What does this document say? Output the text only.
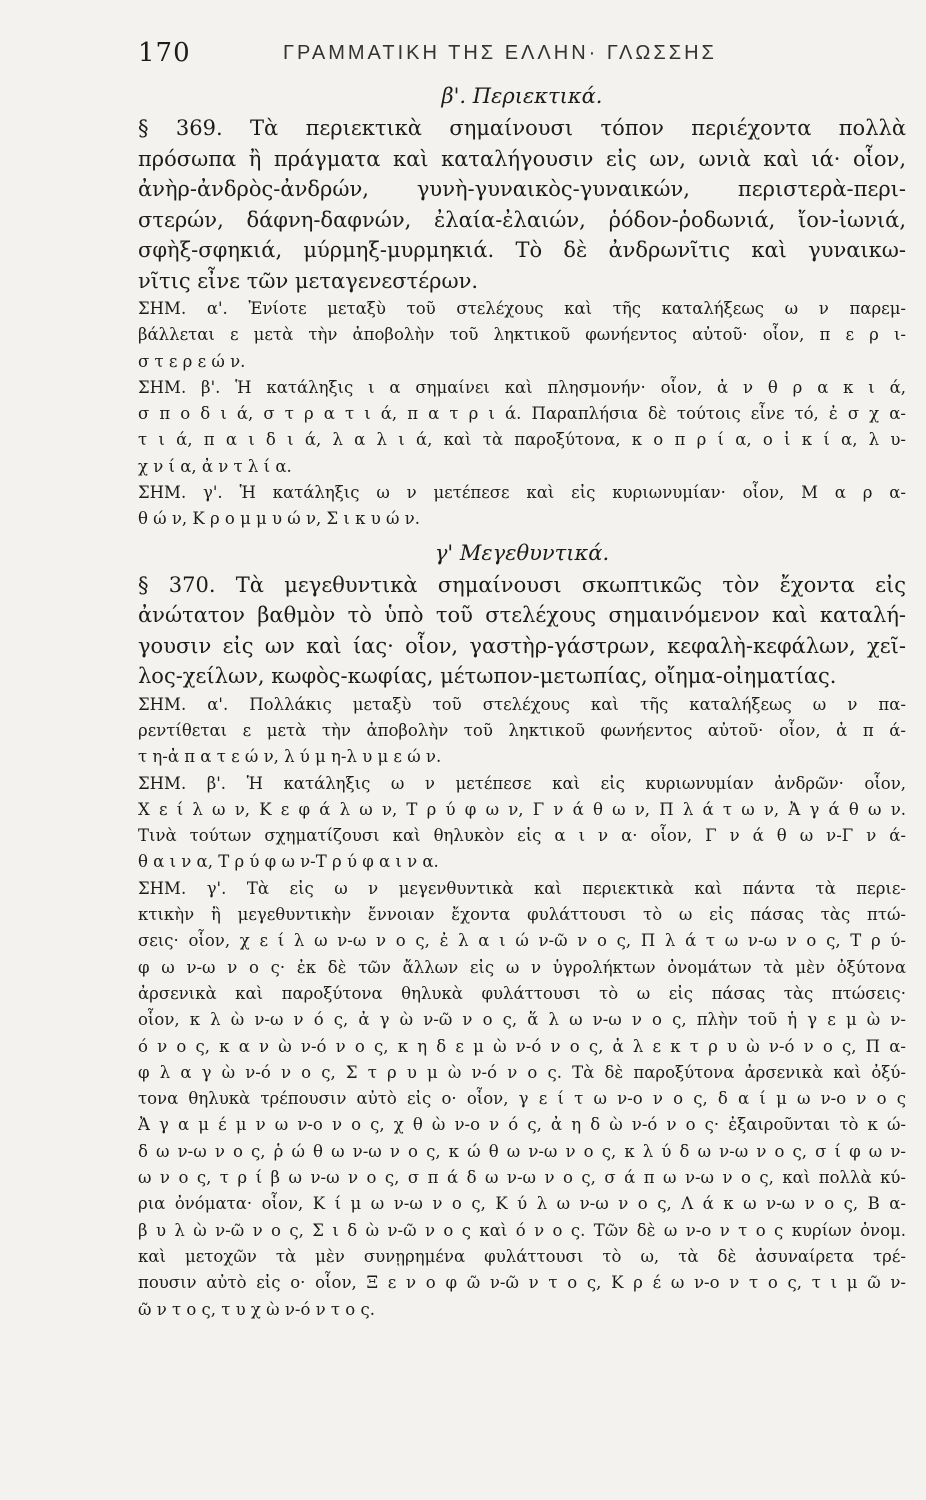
170	ΓΡΑΜΜΑΤΙΚΗ ΤΗΣ ΕΛΛΗΝ· ΓΛΩΣΣΗΣ
β'. Περιεκτικά.
§ 369. Τὰ περιεκτικὰ σημαίνουσι τόπον περιέχοντα πολλὰ
πρόσωπα ἢ πράγματα καὶ καταλήγουσιν εἰς ων, ωνιὰ καὶ ιά· οἷον,
ἀνὴρ-ἀνδρὸς-ἀνδρών, γυνὴ-γυναικὸς-γυναικών, περιστερὰ-περι-
στερών, δάφνη-δαφνών, ἐλαία-ἐλαιών, ῥόδον-ῥοδωνιά, ἴον-ἰωνιά,
σφὴξ-σφηκιά, μύρμηξ-μυρμηκιά. Τὸ δὲ ἀνδρωνῖτις καὶ γυναικω-
νῖτις εἶνε τῶν μεταγενεστέρων.
ΣΗΜ. α'. Ἐνίοτε μεταξὺ τοῦ στελέχους καὶ τῆς καταλήξεως ω ν παρεμ-
βάλλεται ε μετὰ τὴν ἀποβολὴν τοῦ ληκτικοῦ φωνήεντος αὐτοῦ· οἷον, π ε ρ ι-
σ τ ε ρ ε ώ ν.
ΣΗΜ. β'. Ἡ κατάληξις ι α σημαίνει καὶ πλησμονήν· οἷον, ἀ ν θ ρ α κ ι ά,
σ π ο δ ι ά, σ τ ρ α τ ι ά, π α τ ρ ι ά. Παραπλήσια δὲ τούτοις εἶνε τό, ἐ σ χ α-
τ ι ά, π α ι δ ι ά, λ α λ ι ά, καὶ τὰ παροξύτονα, κ ο π ρ ί α, ο ἰ κ ί α, λ υ-
χ ν ί α, ἀ ν τ λ ί α.
ΣΗΜ. γ'. Ἡ κατάληξις ω ν μετέπεσε καὶ εἰς κυριωνυμίαν· οἷον, Μ α ρ α-
θ ώ ν, Κ ρ ο μ μ υ ώ ν, Σ ι κ υ ώ ν.
γ' Μεγεθυντικά.
§ 370. Τὰ μεγεθυντικὰ σημαίνουσι σκωπτικῶς τὸν ἔχοντα εἰς
ἀνώτατον βαθμὸν τὸ ὑπὸ τοῦ στελέχους σημαινόμενον καὶ καταλή-
γουσιν εἰς ων καὶ ίας· οἷον, γαστὴρ-γάστρων, κεφαλὴ-κεφάλων, χεῖ-
λος-χείλων, κωφὸς-κωφίας, μέτωπον-μετωπίας, οἴημα-οἰηματίας.
ΣΗΜ. α'. Πολλάκις μεταξὺ τοῦ στελέχους καὶ τῆς καταλήξεως ω ν πα-
ρεντίθεται ε μετὰ τὴν ἀποβολὴν τοῦ ληκτικοῦ φωνήεντος αὐτοῦ· οἷον, ἀ π ά-
τ η-ἀ π α τ ε ώ ν, λ ύ μ η-λ υ μ ε ώ ν.
ΣΗΜ. β'. Ἡ κατάληξις ω ν μετέπεσε καὶ εἰς κυριωνυμίαν ἀνδρῶν· οἷον,
Χ ε ί λ ω ν, Κ ε φ ά λ ω ν, Τ ρ ύ φ ω ν, Γ ν ά θ ω ν, Π λ ά τ ω ν, Ἀ γ ά θ ω ν.
Τινὰ τούτων σχηματίζουσι καὶ θηλυκὸν εἰς α ι ν α· οἷον, Γ ν ά θ ω ν-Γ ν ά-
θ α ι ν α, Τ ρ ύ φ ω ν-Τ ρ ύ φ α ι ν α.
ΣΗΜ. γ'. Τὰ εἰς ω ν μεγενθυντικὰ καὶ περιεκτικὰ καὶ πάντα τὰ περιε-
κτικὴν ἢ μεγεθυντικὴν ἔννοιαν ἔχοντα φυλάττουσι τὸ ω εἰς πάσας τὰς πτώ-
σεις· οἷον, χ ε ί λ ω ν-ω ν ο ς, ἐ λ α ι ώ ν-ῶ ν ο ς, Π λ ά τ ω ν-ω ν ο ς, Τ ρ ύ-
φ ω ν-ω ν ο ς· ἐκ δὲ τῶν ἄλλων εἰς ω ν ὑγρολήκτων ὀνομάτων τὰ μὲν ὀξύτονα
ἀρσενικὰ καὶ παροξύτονα θηλυκὰ φυλάττουσι τὸ ω εἰς πάσας τὰς πτώσεις·
οἷον, κ λ ὼ ν-ω ν ό ς, ἀ γ ὼ ν-ῶ ν ο ς, ἅ λ ω ν-ω ν ο ς, πλὴν τοῦ ἡ γ ε μ ὼ ν-
ό ν ο ς, κ α ν ὼ ν-ό ν ο ς, κ η δ ε μ ὼ ν-ό ν ο ς, ἀ λ ε κ τ ρ υ ὼ ν-ό ν ο ς, Π α-
φ λ α γ ὼ ν-ό ν ο ς, Σ τ ρ υ μ ὼ ν-ό ν ο ς. Τὰ δὲ παροξύτονα ἀρσενικὰ καὶ ὀξύ-
τονα θηλυκὰ τρέπουσιν αὐτὸ εἰς ο· οἷον, γ ε ί τ ω ν-ο ν ο ς, δ α ί μ ω ν-ο ν ο ς
Ἀ γ α μ έ μ ν ω ν-ο ν ο ς, χ θ ὼ ν-ο ν ό ς, ἀ η δ ὼ ν-ό ν ο ς· ἐξαιροῦνται τὸ κ ώ-
δ ω ν-ω ν ο ς, ῥ ώ θ ω ν-ω ν ο ς, κ ώ θ ω ν-ω ν ο ς, κ λ ύ δ ω ν-ω ν ο ς, σ ί φ ω ν-
ω ν ο ς, τ ρ ί β ω ν-ω ν ο ς, σ π ά δ ω ν-ω ν ο ς, σ ά π ω ν-ω ν ο ς, καὶ πολλὰ κύ-
ρια ὀνόματα· οἷον, Κ ί μ ω ν-ω ν ο ς, Κ ύ λ ω ν-ω ν ο ς, Λ ά κ ω ν-ω ν ο ς, Β α-
β υ λ ὼ ν-ῶ ν ο ς, Σ ι δ ὼ ν-ῶ ν ο ς καὶ ό ν ο ς. Τῶν δὲ ω ν-ο ν τ ο ς κυρίων ὀνομ.
καὶ μετοχῶν τὰ μὲν συνῃρημένα φυλάττουσι τὸ ω, τὰ δὲ ἀσυναίρετα τρέ-
πουσιν αὐτὸ εἰς ο· οἷον, Ξ ε ν ο φ ῶ ν-ῶ ν τ ο ς, Κ ρ έ ω ν-ο ν τ ο ς, τ ι μ ῶ ν-
ῶ ν τ ο ς, τ υ χ ὼ ν-ό ν τ ο ς.
